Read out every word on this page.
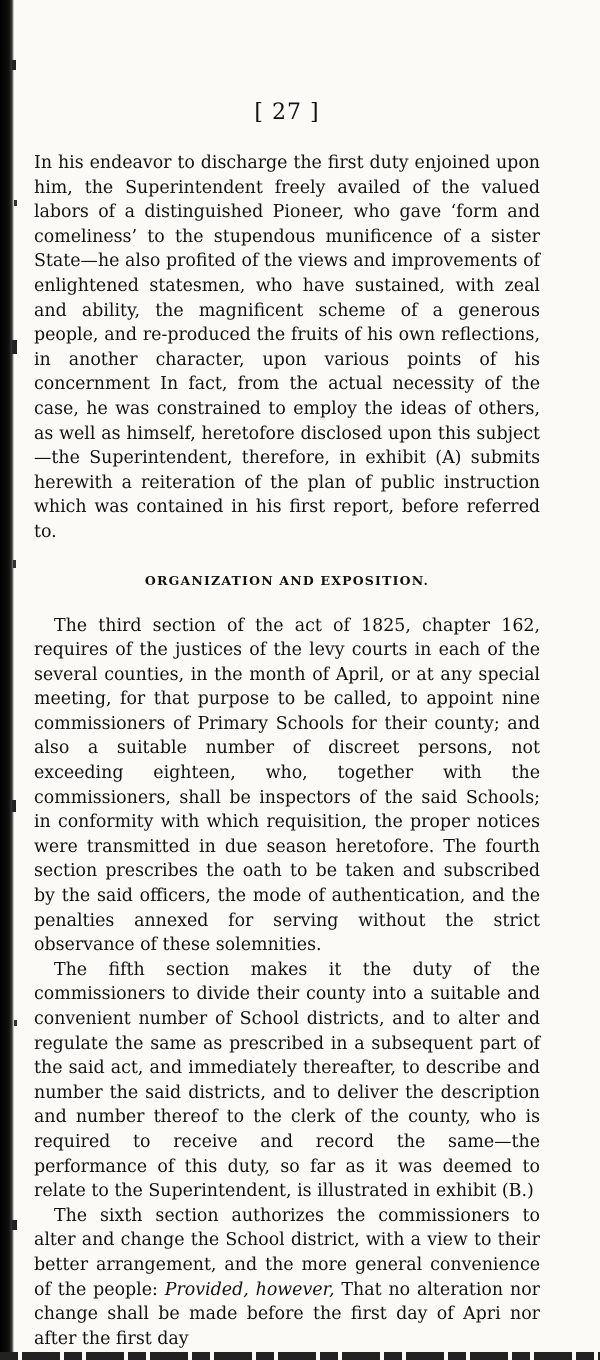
[ 27 ]

In his endeavor to discharge the first duty enjoined upon him, the Superintendent freely availed of the valued labors of a distinguished Pioneer, who gave ‘form and comeliness’ to the stupendous munificence of a sister State—he also profited of the views and improvements of enlightened statesmen, who have sustained, with zeal and ability, the magnificent scheme of a generous people, and re-produced the fruits of his own reflections, in another character, upon various points of his concernment In fact, from the actual necessity of the case, he was constrained to employ the ideas of others, as well as himself, heretofore disclosed upon this subject—the Superintendent, therefore, in exhibit (A) submits herewith a reiteration of the plan of public instruction which was contained in his first report, before referred to.

ORGANIZATION AND EXPOSITION.

The third section of the act of 1825, chapter 162, requires of the justices of the levy courts in each of the several counties, in the month of April, or at any special meeting, for that purpose to be called, to appoint nine commissioners of Primary Schools for their county; and also a suitable number of discreet persons, not exceeding eighteen, who, together with the commissioners, shall be inspectors of the said Schools; in conformity with which requisition, the proper notices were transmitted in due season heretofore. The fourth section prescribes the oath to be taken and subscribed by the said officers, the mode of authentication, and the penalties annexed for serving without the strict observance of these solemnities.

The fifth section makes it the duty of the commissioners to divide their county into a suitable and convenient number of School districts, and to alter and regulate the same as prescribed in a subsequent part of the said act, and immediately thereafter, to describe and number the said districts, and to deliver the description and number thereof to the clerk of the county, who is required to receive and record the same—the performance of this duty, so far as it was deemed to relate to the Superintendent, is illustrated in exhibit (B.)

The sixth section authorizes the commissioners to alter and change the School district, with a view to their better arrangement, and the more general convenience of the people: Provided, however, That no alteration nor change shall be made before the first day of Apri nor after the first day
